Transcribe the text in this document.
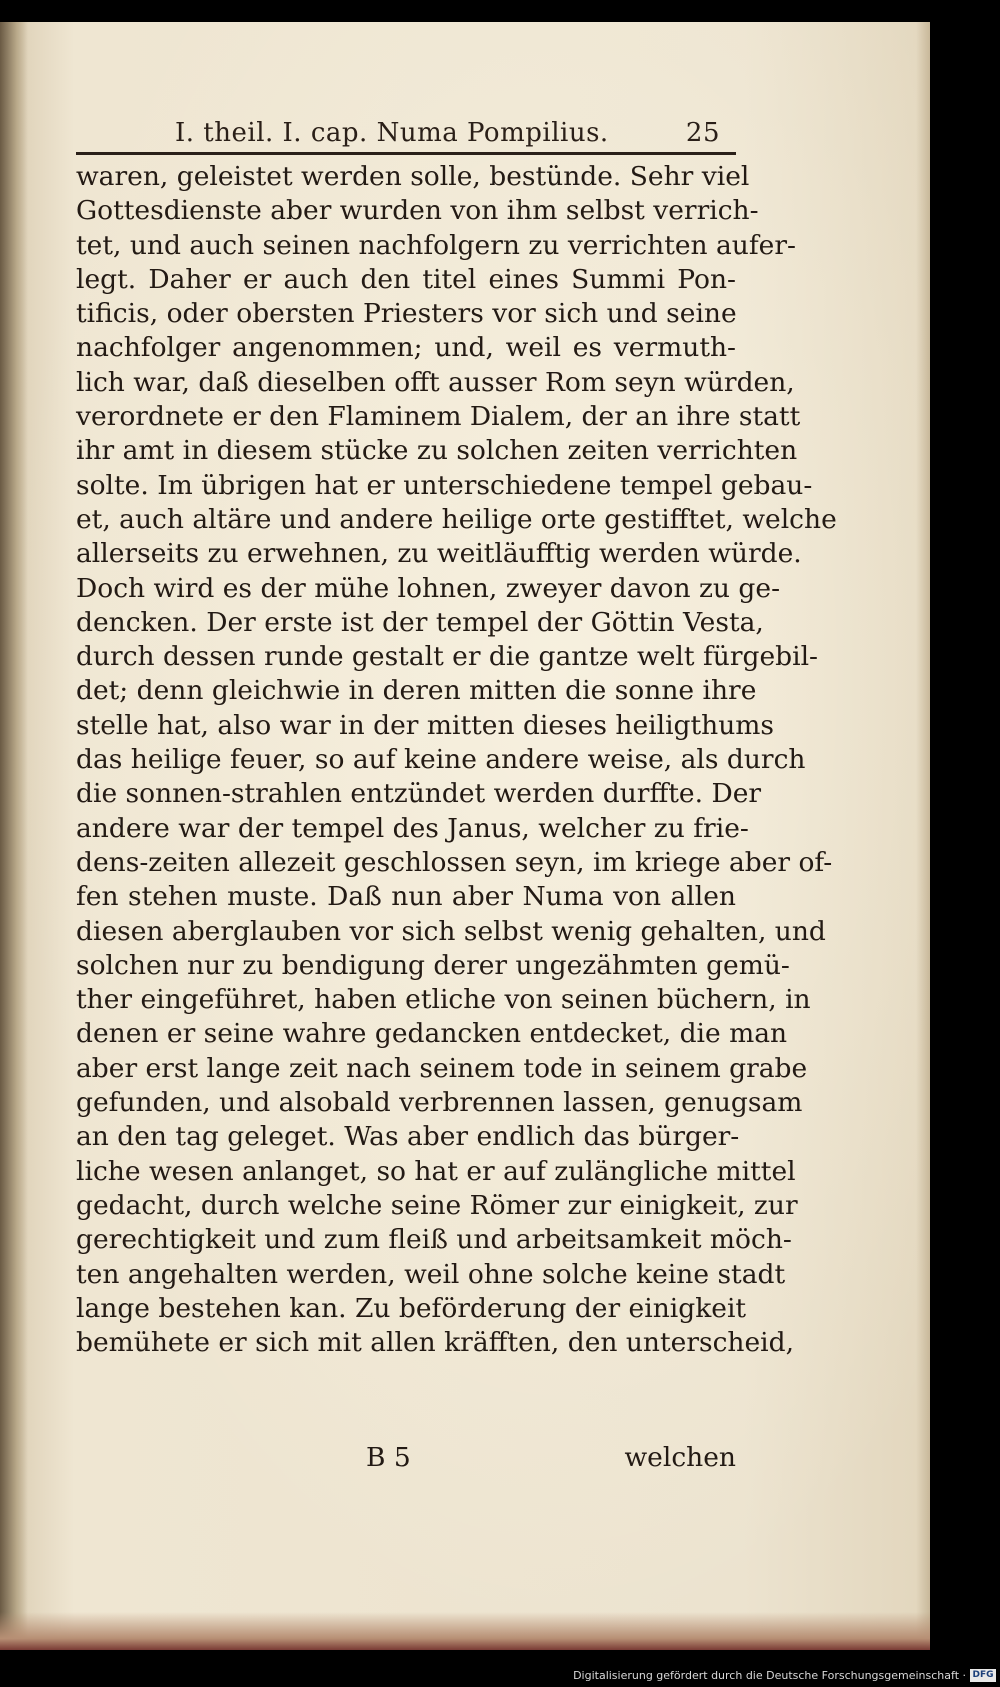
I. theil. I. cap. Numa Pompilius.	25
waren, geleistet werden solle, bestünde. Sehr viel
Gottesdienste aber wurden von ihm selbst verrich-
tet, und auch seinen nachfolgern zu verrichten aufer-
legt. Daher er auch den titel eines Summi Pon-
tificis, oder obersten Priesters vor sich und seine
nachfolger angenommen; und, weil es vermuth-
lich war, daß dieselben offt ausser Rom seyn würden,
verordnete er den Flaminem Dialem, der an ihre statt
ihr amt in diesem stücke zu solchen zeiten verrichten
solte. Im übrigen hat er unterschiedene tempel gebau-
et, auch altäre und andere heilige orte gestifftet, welche
allerseits zu erwehnen, zu weitläufftig werden würde.
Doch wird es der mühe lohnen, zweyer davon zu ge-
dencken. Der erste ist der tempel der Göttin Vesta,
durch dessen runde gestalt er die gantze welt fürgebil-
det; denn gleichwie in deren mitten die sonne ihre
stelle hat, also war in der mitten dieses heiligthums
das heilige feuer, so auf keine andere weise, als durch
die sonnen-strahlen entzündet werden durffte. Der
andere war der tempel des Janus, welcher zu frie-
dens-zeiten allezeit geschlossen seyn, im kriege aber of-
fen stehen muste. Daß nun aber Numa von allen
diesen aberglauben vor sich selbst wenig gehalten, und
solchen nur zu bendigung derer ungezähmten gemü-
ther eingeführet, haben etliche von seinen büchern, in
denen er seine wahre gedancken entdecket, die man
aber erst lange zeit nach seinem tode in seinem grabe
gefunden, und alsobald verbrennen lassen, genugsam
an den tag geleget. Was aber endlich das bürger-
liche wesen anlanget, so hat er auf zulängliche mittel
gedacht, durch welche seine Römer zur einigkeit, zur
gerechtigkeit und zum fleiß und arbeitsamkeit möch-
ten angehalten werden, weil ohne solche keine stadt
lange bestehen kan. Zu beförderung der einigkeit
bemühete er sich mit allen kräfften, den unterscheid,
B 5	welchen
Digitalisierung gefördert durch die Deutsche Forschungsgemeinschaft · DFG
